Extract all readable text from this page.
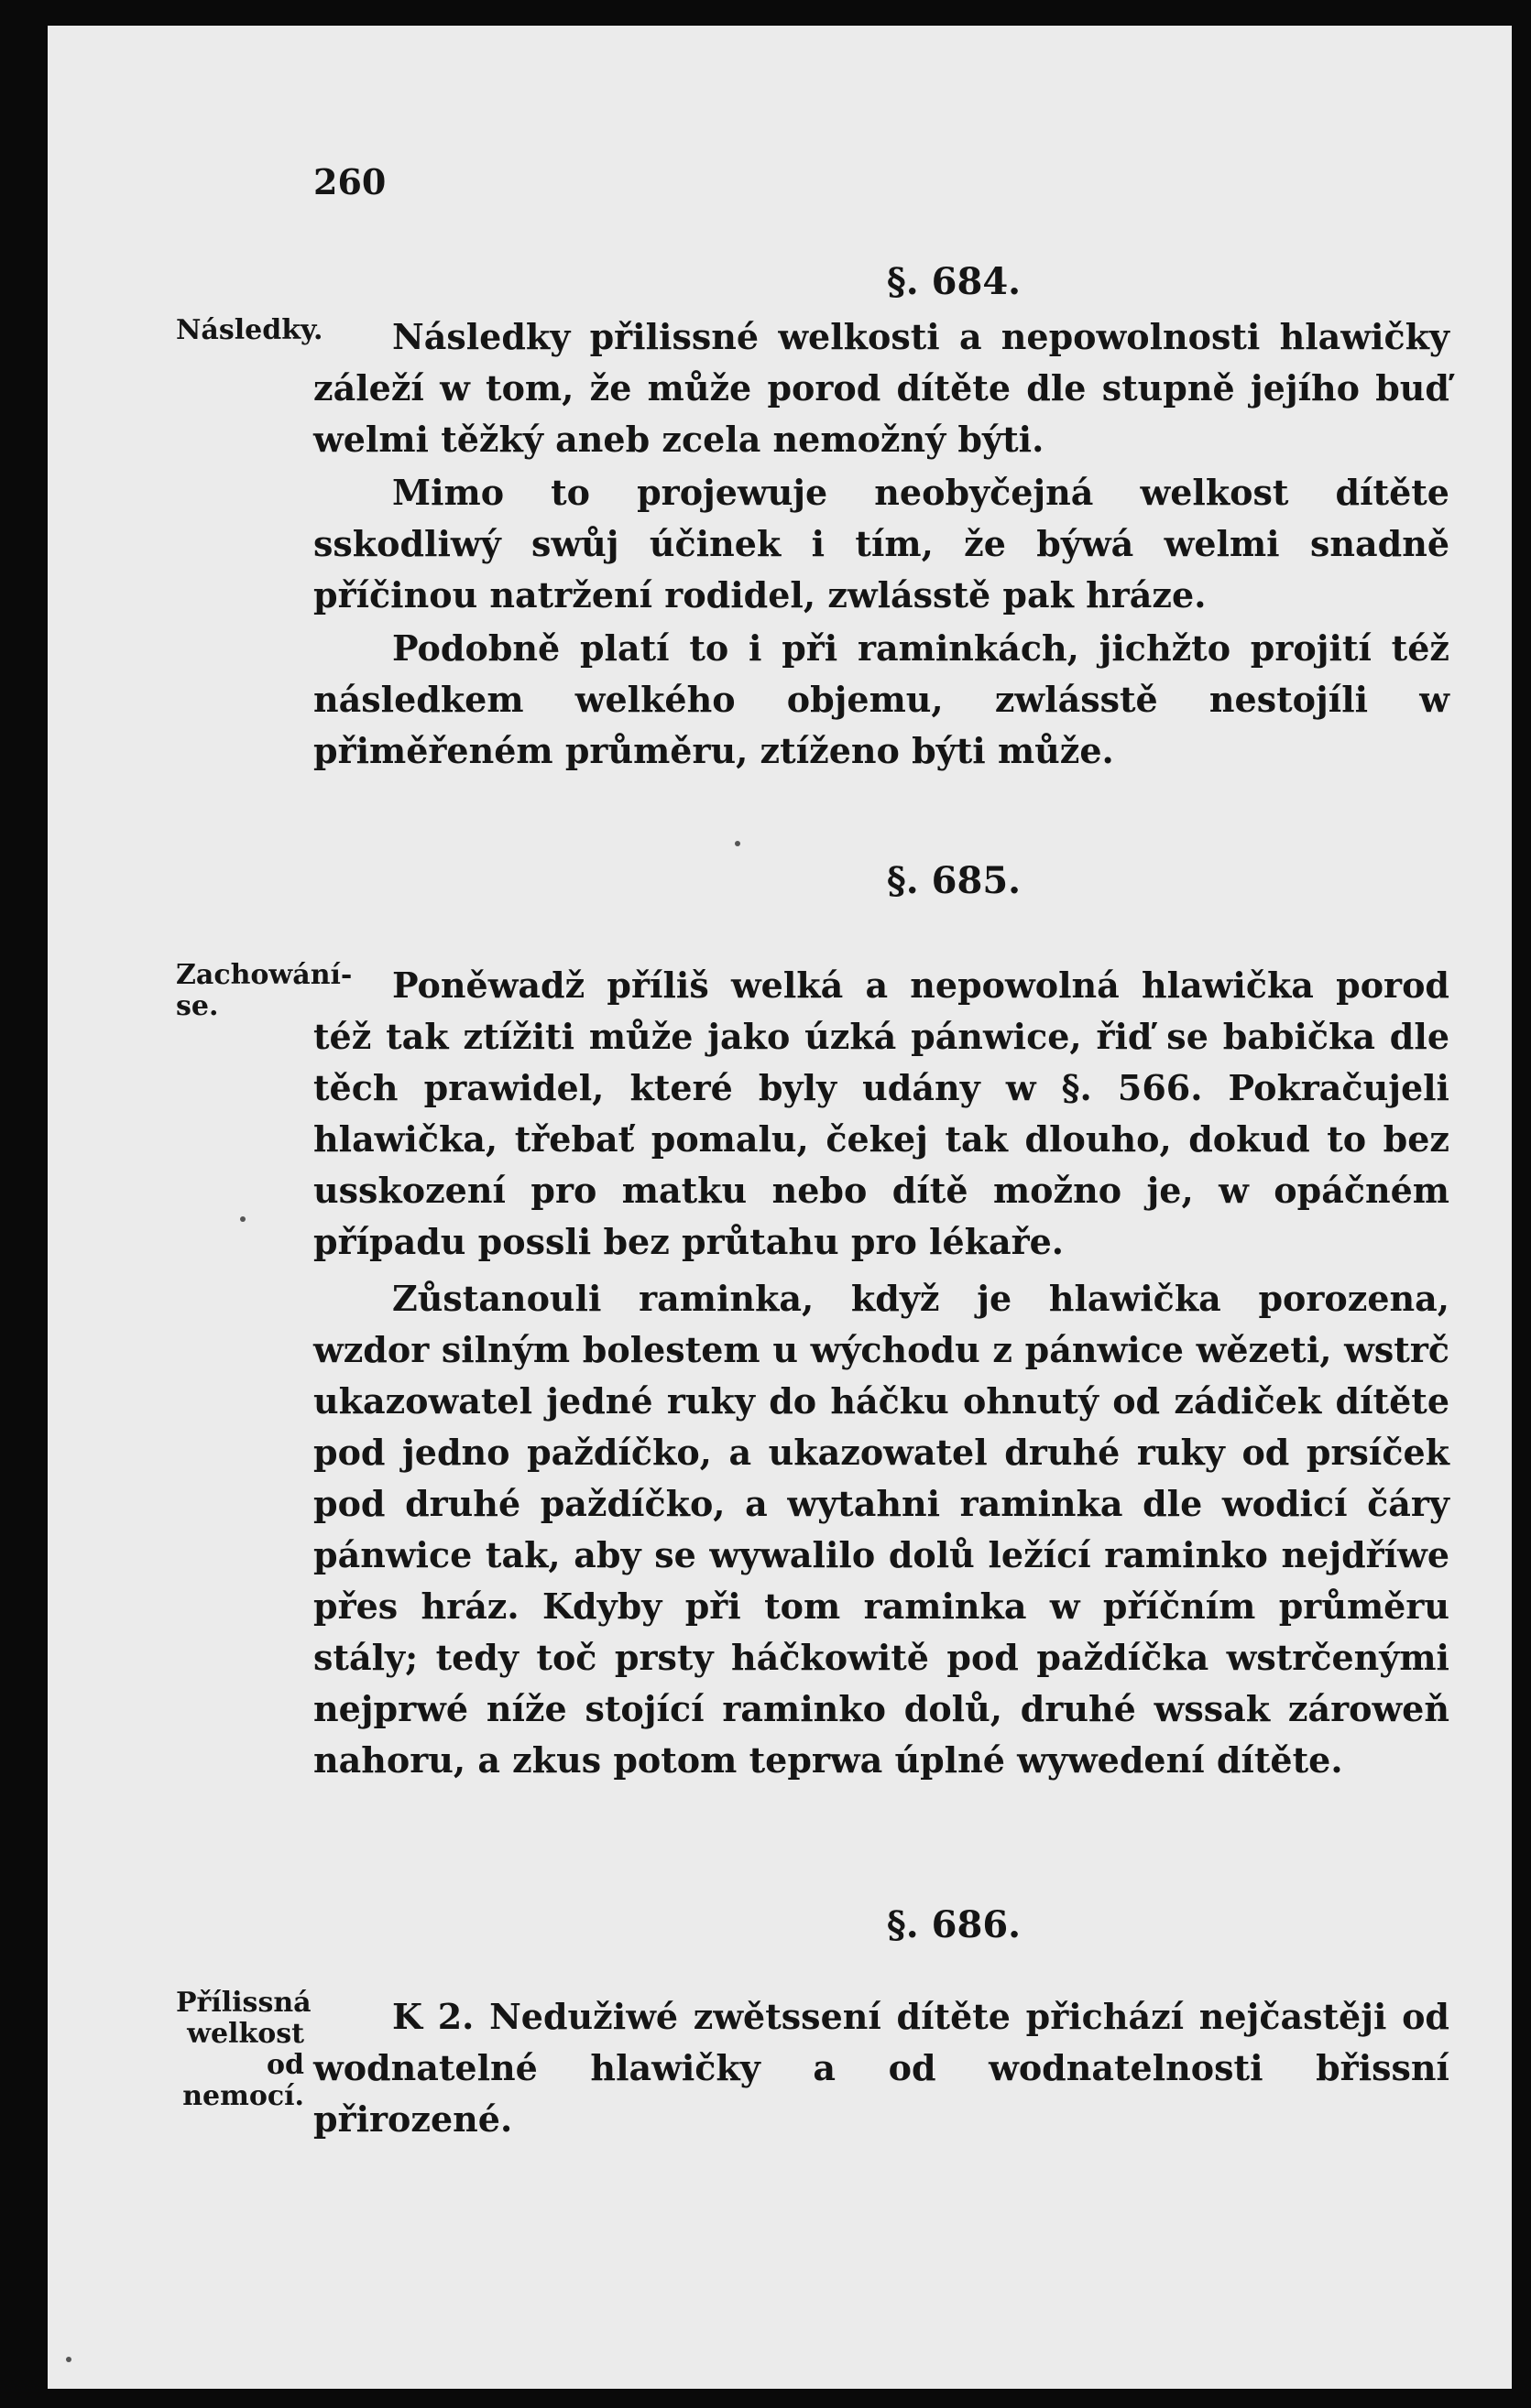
260
§. 684.
Následky.	Následky přilissné welkosti a nepowolnosti hlawičky záleží w tom, že může porod dítěte dle stupně jejího buď welmi těžký aneb zcela nemožný býti.

Mimo to projewuje neobyčejná welkost dítěte sskodliwý swůj účinek i tím, že býwá welmi snadně příčinou natržení rodidel, zwlásstě pak hráze.

Podobně platí to i při raminkách, jichžto projití též následkem welkého objemu, zwlásstě nestojíli w přiměřeném průměru, ztíženo býti může.

§. 685.
Zachowání-se.

Poněwadž příliš welká a nepowolná hlawička porod též tak ztížiti může jako úzká pánwice, řiď se babička dle těch prawidel, které byly udány w §. 566. Pokračujeli hlawička, třebať pomalu, čekej tak dlouho, dokud to bez usskození pro matku nebo dítě možno je, w opáčném případu possli bez průtahu pro lékaře.

Zůstanouli raminka, když je hlawička porozena, wzdor silným bolestem u wýchodu z pánwice wězeti, wstrč ukazowatel jedné ruky do háčku ohnutý od zádiček dítěte pod jedno paždíčko, a ukazowatel druhé ruky od prsíček pod druhé paždíčko, a wytahni raminka dle wodicí čáry pánwice tak, aby se wywalilo dolů ležící raminko nejdříwe přes hráz. Kdyby při tom raminka w příčním průměru stály; tedy toč prsty háčkowitě pod paždíčka wstrčenými nejprwé níže stojící raminko dolů, druhé wssak zároweň nahoru, a zkus potom teprwa úplné wywedení dítěte.

§. 686.
Přílissná welkost od nemocí.

K 2. Nedužiwé zwětssení dítěte přichází nejčastěji od wodnatelné hlawičky a od wodnatelnosti břissní přirozené.
